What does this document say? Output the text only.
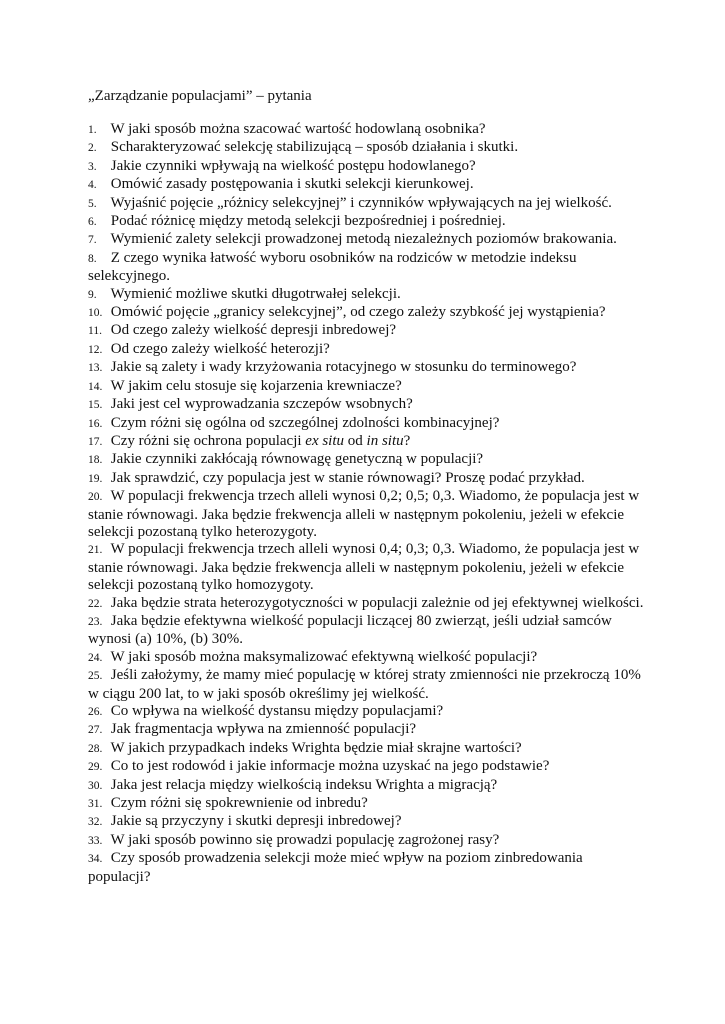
„Zarządzanie populacjami” – pytania
1. W jaki sposób można szacować wartość hodowlaną osobnika?
2. Scharakteryzować selekcję stabilizującą – sposób działania i skutki.
3. Jakie czynniki wpływają na wielkość postępu hodowlanego?
4. Omówić zasady postępowania i skutki selekcji kierunkowej.
5. Wyjaśnić pojęcie „różnicy selekcyjnej” i czynników wpływających na jej wielkość.
6. Podać różnicę między metodą selekcji bezpośredniej i pośredniej.
7. Wymienić zalety selekcji prowadzonej metodą niezależnych poziomów brakowania.
8. Z czego wynika łatwość wyboru osobników na rodziców w metodzie indeksu selekcyjnego.
9. Wymienić możliwe skutki długotrwałej selekcji.
10. Omówić pojęcie „granicy selekcyjnej”, od czego zależy szybkość jej wystąpienia?
11. Od czego zależy wielkość depresji inbredowej?
12. Od czego zależy wielkość heterozji?
13. Jakie są zalety i wady krzyżowania rotacyjnego w stosunku do terminowego?
14. W jakim celu stosuje się kojarzenia krewniacze?
15. Jaki jest cel wyprowadzania szczepów wsobnych?
16. Czym różni się ogólna od szczególnej zdolności kombinacyjnej?
17. Czy różni się ochrona populacji ex situ od in situ?
18. Jakie czynniki zakłócają równowagę genetyczną w populacji?
19. Jak sprawdzić, czy populacja jest w stanie równowagi? Proszę podać przykład.
20. W populacji frekwencja trzech alleli wynosi 0,2; 0,5; 0,3. Wiadomo, że populacja jest w stanie równowagi. Jaka będzie frekwencja alleli w następnym pokoleniu, jeżeli w efekcie selekcji pozostaną tylko heterozygoty.
21. W populacji frekwencja trzech alleli wynosi 0,4; 0,3; 0,3. Wiadomo, że populacja jest w stanie równowagi. Jaka będzie frekwencja alleli w następnym pokoleniu, jeżeli w efekcie selekcji pozostaną tylko homozygoty.
22. Jaka będzie strata heterozygotyczności w populacji zależnie od jej efektywnej wielkości.
23. Jaka będzie efektywna wielkość populacji liczącej 80 zwierząt, jeśli udział samców wynosi (a) 10%, (b) 30%.
24. W jaki sposób można maksymalizować efektywną wielkość populacji?
25. Jeśli założymy, że mamy mieć populację w której straty zmienności nie przekroczą 10% w ciągu 200 lat, to w jaki sposób określimy jej wielkość.
26. Co wpływa na wielkość dystansu między populacjami?
27. Jak fragmentacja wpływa na zmienność populacji?
28. W jakich przypadkach indeks Wrighta będzie miał skrajne wartości?
29. Co to jest rodowód i jakie informacje można uzyskać na jego podstawie?
30. Jaka jest relacja między wielkością indeksu Wrighta a migracją?
31. Czym różni się spokrewnienie od inbredu?
32. Jakie są przyczyny i skutki depresji inbredowej?
33. W jaki sposób powinno się prowadzi populację zagrożonej rasy?
34. Czy sposób prowadzenia selekcji może mieć wpływ na poziom zinbredowania populacji?
